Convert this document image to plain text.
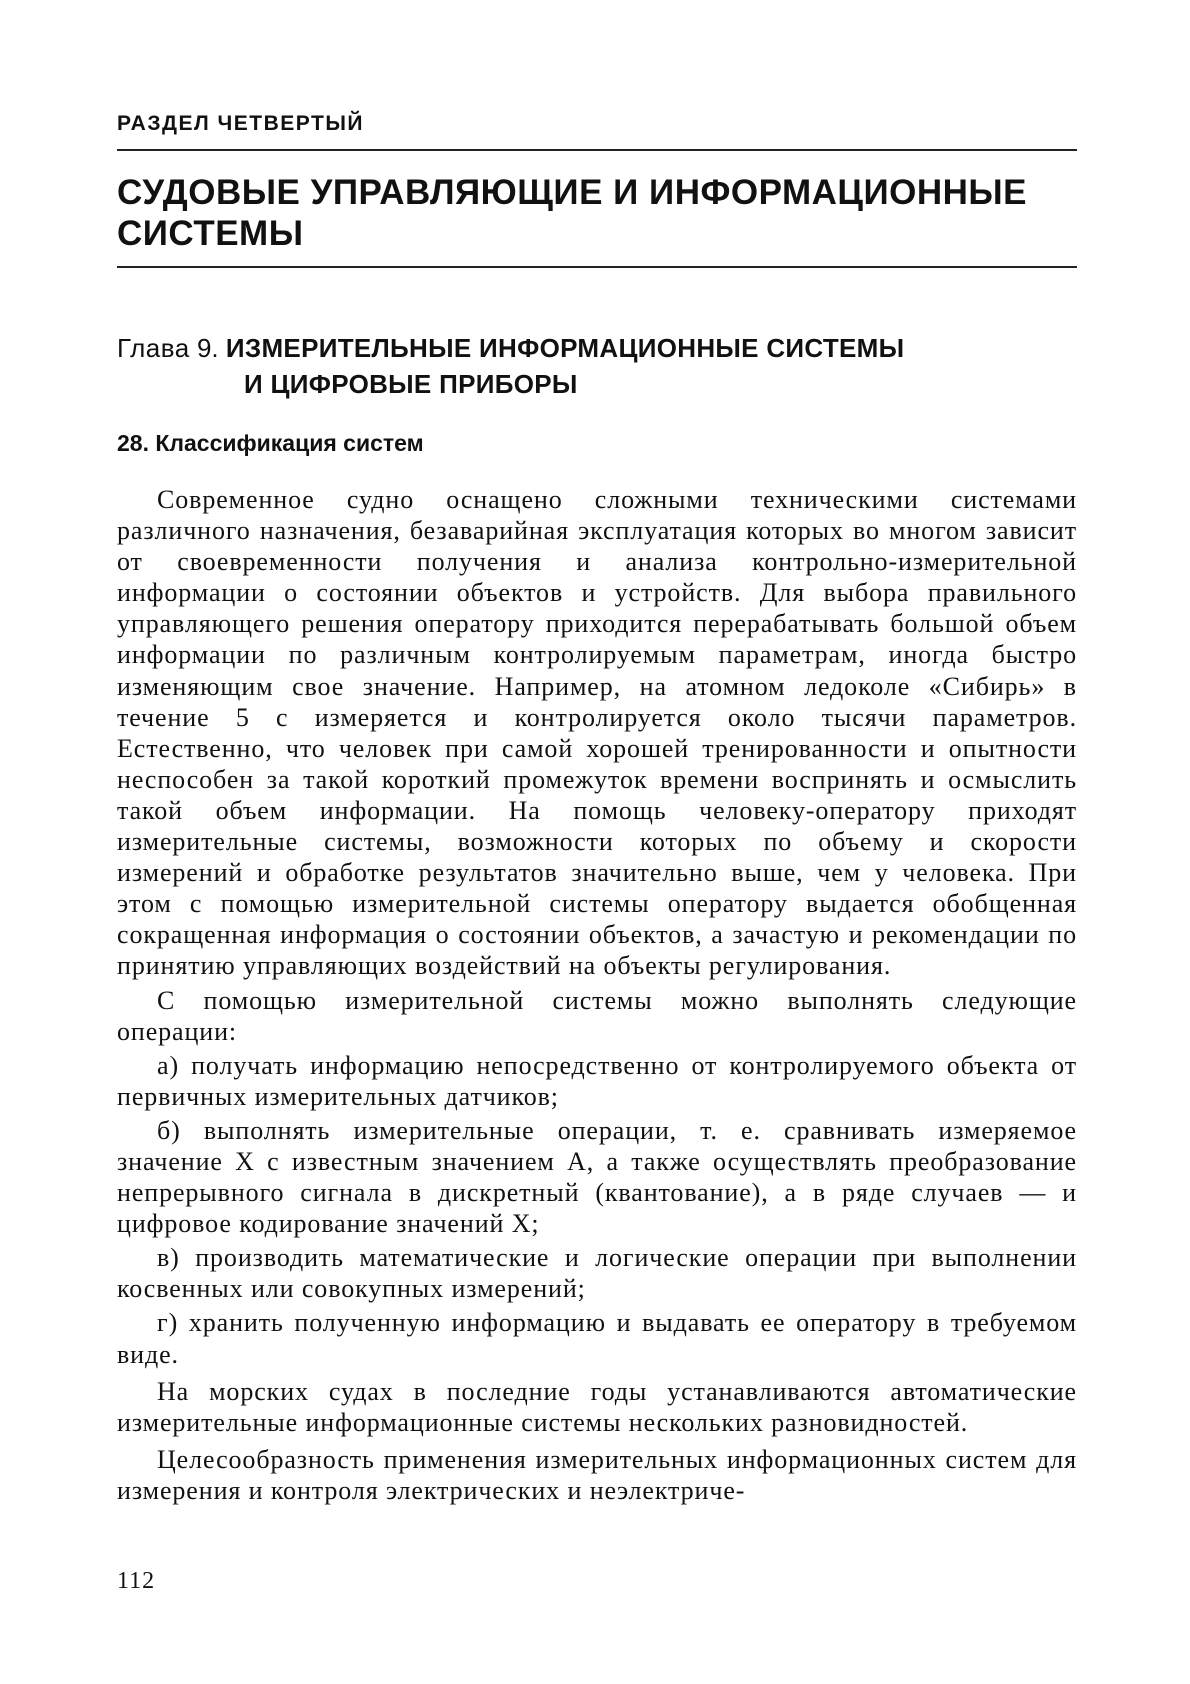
РАЗДЕЛ ЧЕТВЕРТЫЙ

СУДОВЫЕ УПРАВЛЯЮЩИЕ И ИНФОРМАЦИОННЫЕ СИСТЕМЫ
Глава 9. ИЗМЕРИТЕЛЬНЫЕ ИНФОРМАЦИОННЫЕ СИСТЕМЫ
И ЦИФРОВЫЕ ПРИБОРЫ
28. Классификация систем

Современное судно оснащено сложными техническими системами различного назначения, безаварийная эксплуатация которых во многом зависит от своевременности получения и анализа контрольно-измерительной информации о состоянии объектов и устройств. Для выбора правильного управляющего решения оператору приходится перерабатывать большой объем информации по различным контролируемым параметрам, иногда быстро изменяющим свое значение. Например, на атомном ледоколе «Сибирь» в течение 5 с измеряется и контролируется около тысячи параметров. Естественно, что человек при самой хорошей тренированности и опытности неспособен за такой короткий промежуток времени воспринять и осмыслить такой объем информации. На помощь человеку-оператору приходят измерительные системы, возможности которых по объему и скорости измерений и обработке результатов значительно выше, чем у человека. При этом с помощью измерительной системы оператору выдается обобщенная сокращенная информация о состоянии объектов, а зачастую и рекомендации по принятию управляющих воздействий на объекты регулирования.

С помощью измерительной системы можно выполнять следующие операции:

а) получать информацию непосредственно от контролируемого объекта от первичных измерительных датчиков;

б) выполнять измерительные операции, т. е. сравнивать измеряемое значение X с известным значением A, а также осуществлять преобразование непрерывного сигнала в дискретный (квантование), а в ряде случаев — и цифровое кодирование значений X;

в) производить математические и логические операции при выполнении косвенных или совокупных измерений;

г) хранить полученную информацию и выдавать ее оператору в требуемом виде.

На морских судах в последние годы устанавливаются автоматические измерительные информационные системы нескольких разновидностей.

Целесообразность применения измерительных информационных систем для измерения и контроля электрических и неэлектриче-

112
